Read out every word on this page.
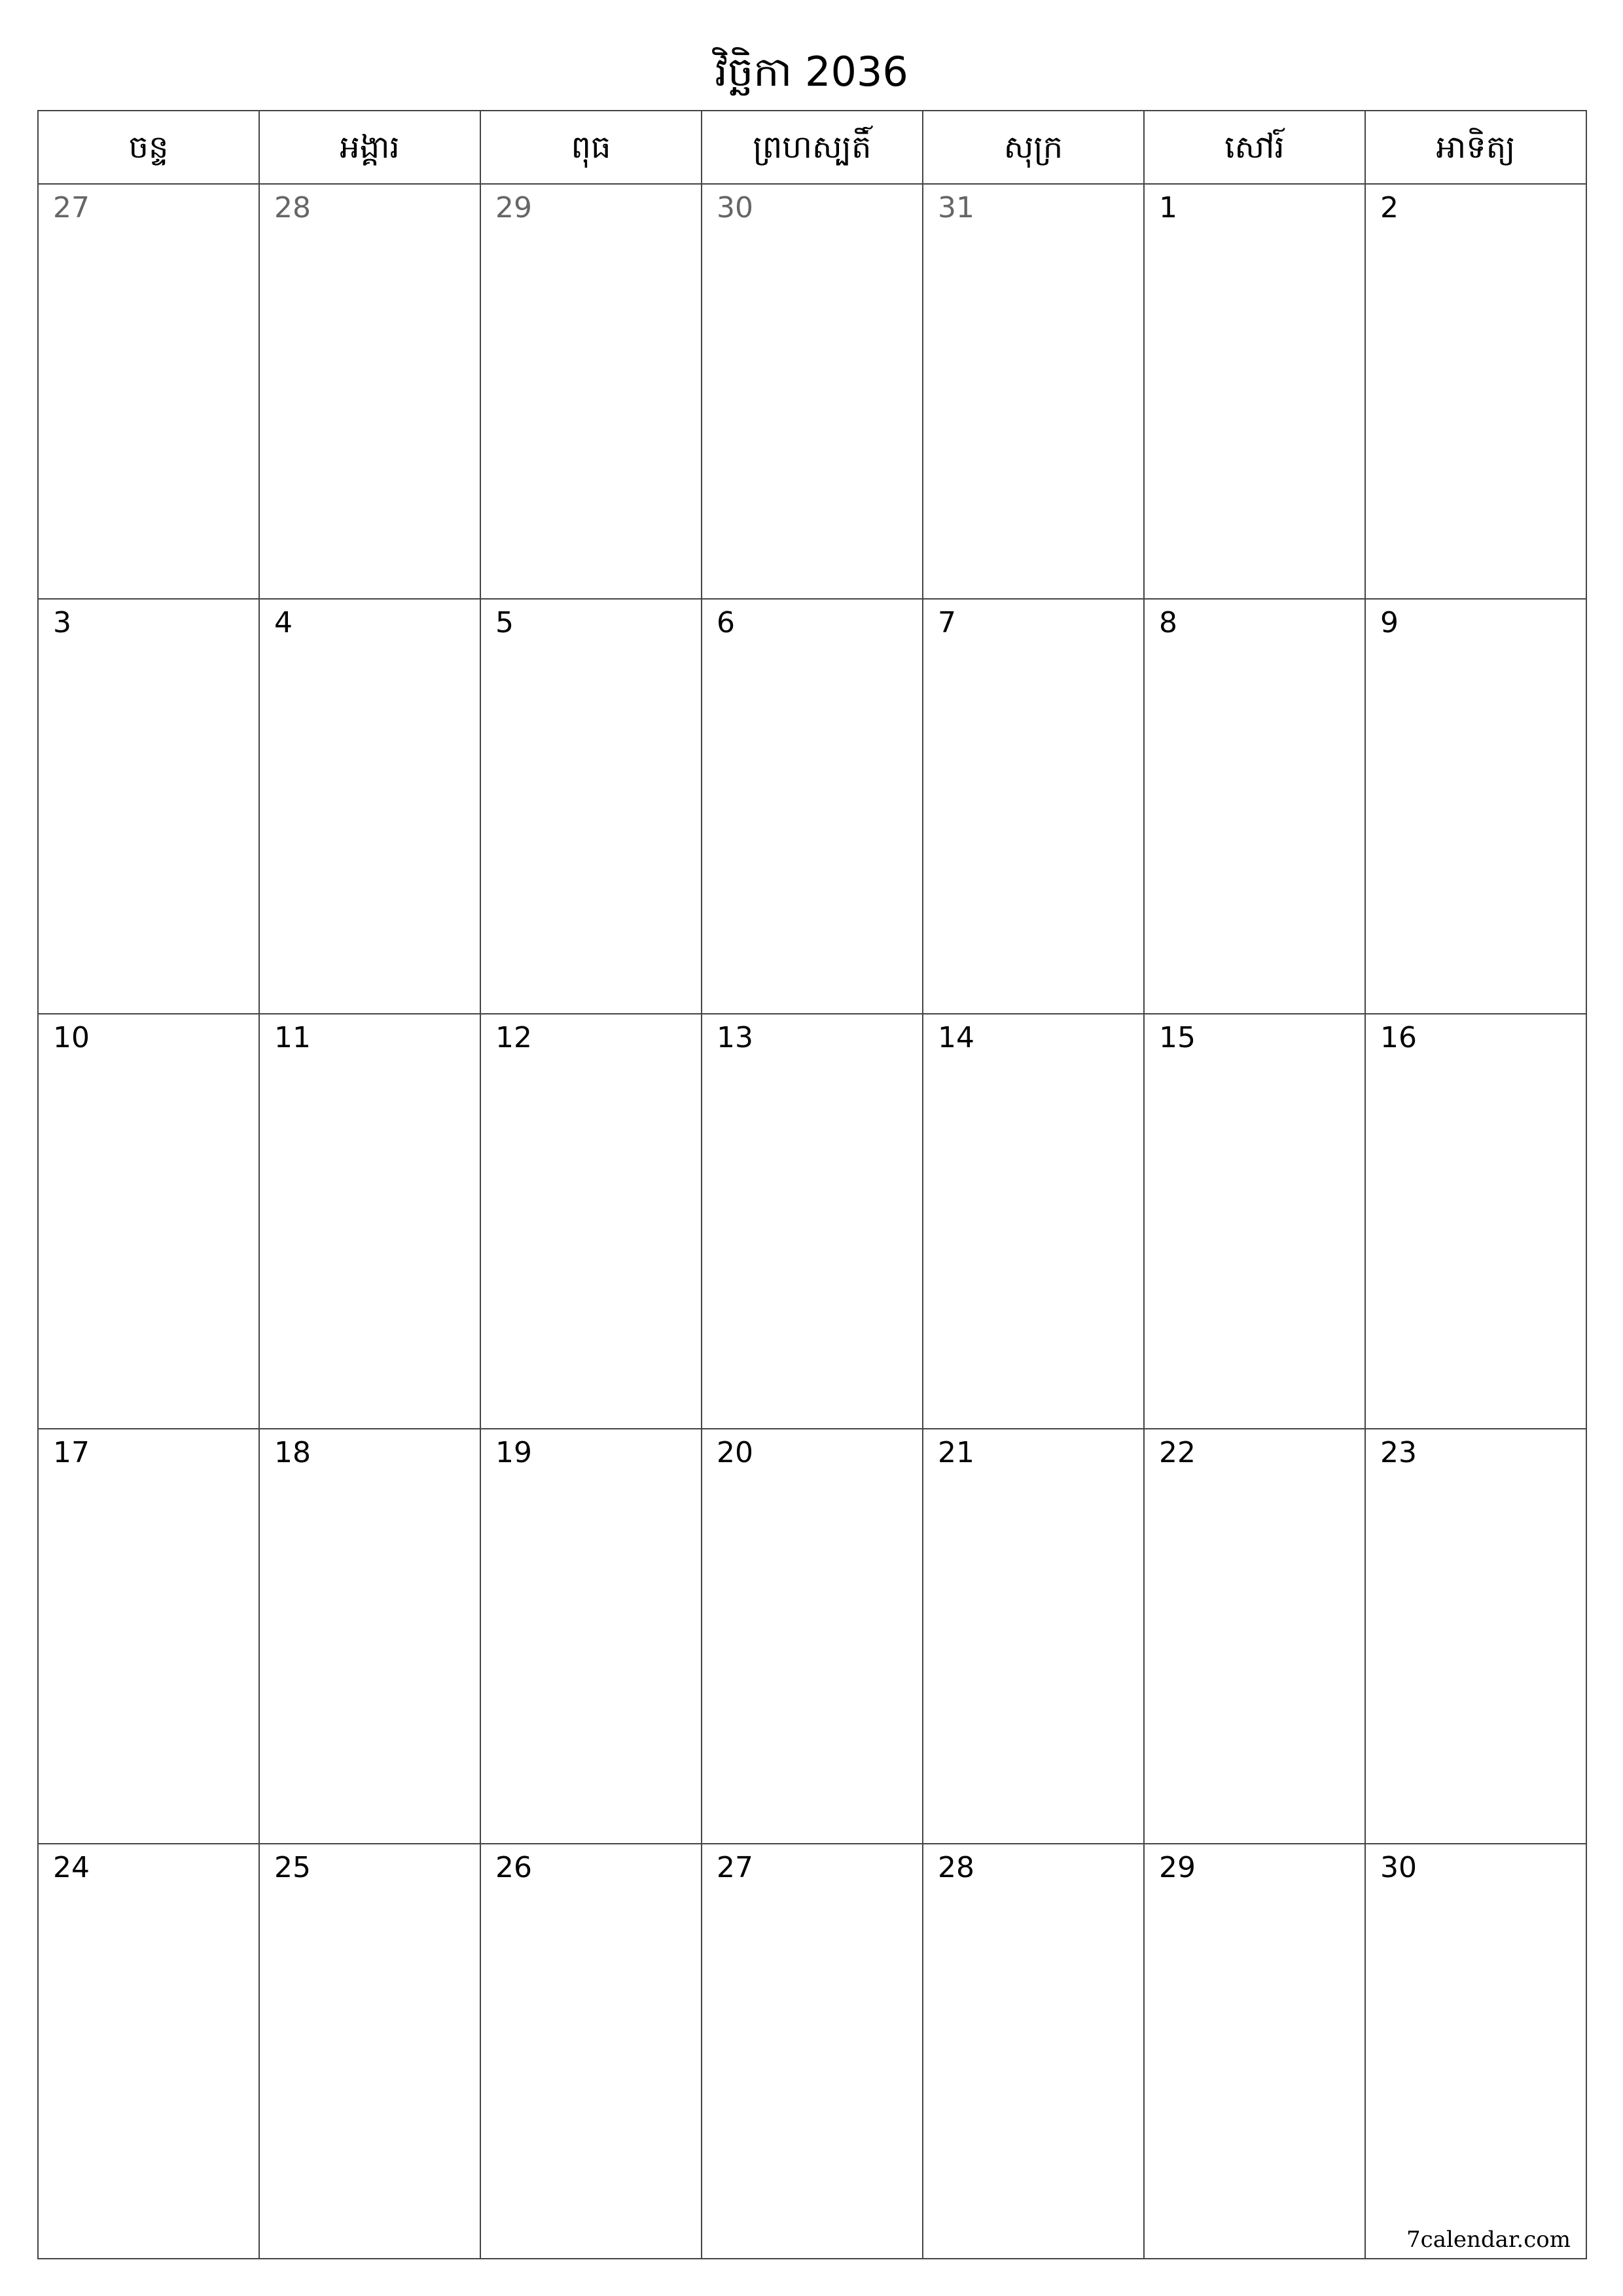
វិច្ឆិកា 2036
ចន្ទ	អង្គារ	ពុធ	ព្រហស្បតិ៍	សុក្រ	សៅរ៍	អាទិត្យ
27	28	29	30	31	1	2
3	4	5	6	7	8	9
10	11	12	13	14	15	16
17	18	19	20	21	22	23
24	25	26	27	28	29	30
7calendar.com
